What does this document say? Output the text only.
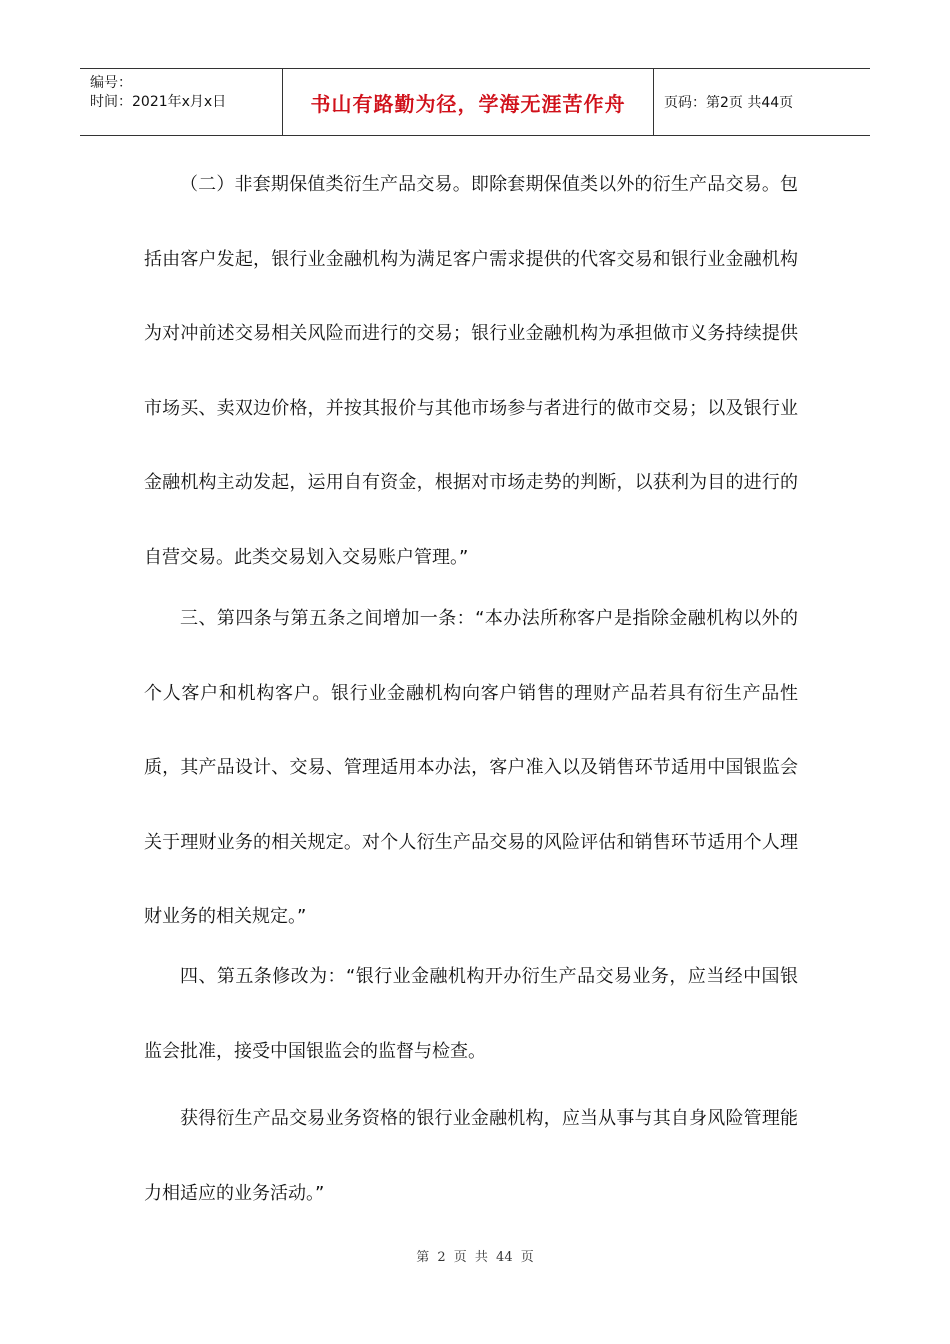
编号：
时间：2021年x月x日	书山有路勤为径，学海无涯苦作舟	页码：第2页 共44页

（二）非套期保值类衍生产品交易。即除套期保值类以外的衍生产品交易。包括由客户发起，银行业金融机构为满足客户需求提供的代客交易和银行业金融机构为对冲前述交易相关风险而进行的交易；银行业金融机构为承担做市义务持续提供市场买、卖双边价格，并按其报价与其他市场参与者进行的做市交易；以及银行业金融机构主动发起，运用自有资金，根据对市场走势的判断，以获利为目的进行的自营交易。此类交易划入交易账户管理。”

三、第四条与第五条之间增加一条：“本办法所称客户是指除金融机构以外的个人客户和机构客户。银行业金融机构向客户销售的理财产品若具有衍生产品性质，其产品设计、交易、管理适用本办法，客户准入以及销售环节适用中国银监会关于理财业务的相关规定。对个人衍生产品交易的风险评估和销售环节适用个人理财业务的相关规定。”

四、第五条修改为：“银行业金融机构开办衍生产品交易业务，应当经中国银监会批准，接受中国银监会的监督与检查。

获得衍生产品交易业务资格的银行业金融机构，应当从事与其自身风险管理能力相适应的业务活动。”

第 2 页 共 44 页
